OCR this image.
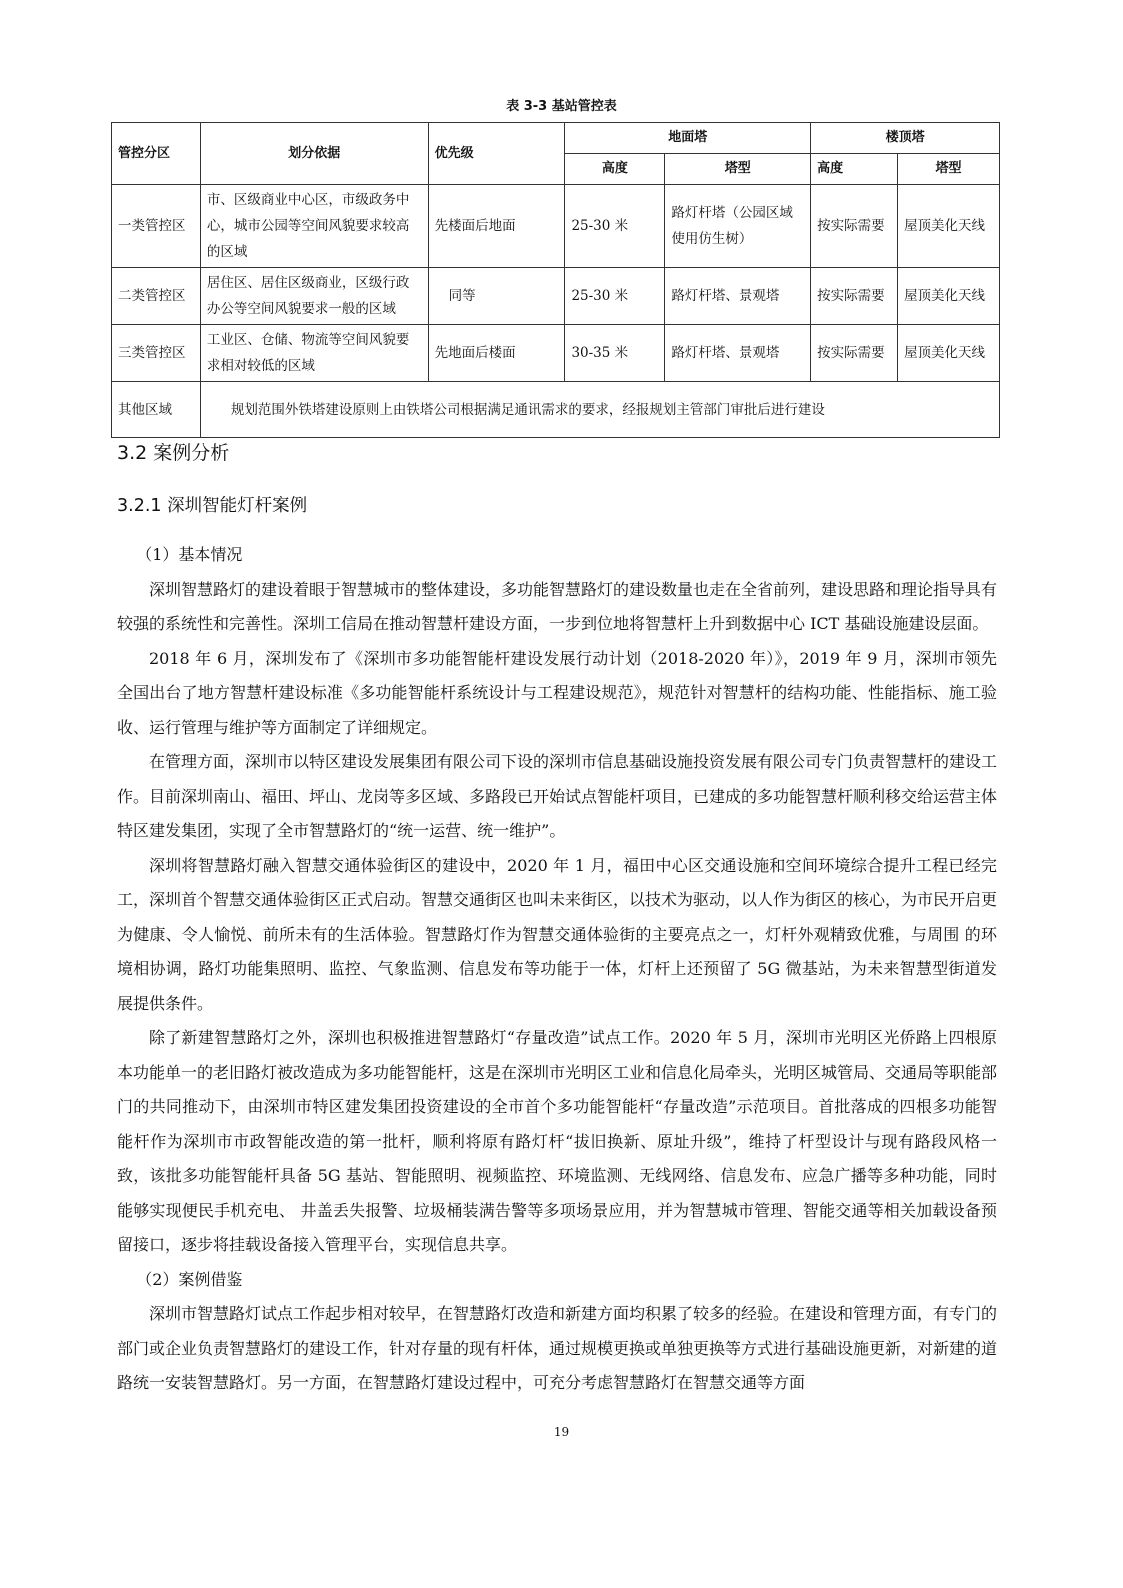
表 3-3 基站管控表
管控分区	划分依据	优先级	地面塔		楼顶塔	
			高度	塔型	高度	塔型
一类管控区	市、区级商业中心区，市级政务中心，城市公园等空间风貌要求较高的区域	先楼面后地面	25-30 米	路灯杆塔（公园区域使用仿生树）	按实际需要	屋顶美化天线
二类管控区	居住区、居住区级商业，区级行政办公等空间风貌要求一般的区域	同等	25-30 米	路灯杆塔、景观塔	按实际需要	屋顶美化天线
三类管控区	工业区、仓储、物流等空间风貌要求相对较低的区域	先地面后楼面	30-35 米	路灯杆塔、景观塔	按实际需要	屋顶美化天线
其他区域	规划范围外铁塔建设原则上由铁塔公司根据满足通讯需求的要求，经报规划主管部门审批后进行建设					
3.2 案例分析
3.2.1 深圳智能灯杆案例

（1）基本情况

深圳智慧路灯的建设着眼于智慧城市的整体建设，多功能智慧路灯的建设数量也走在全省前列，建设思路和理论指导具有较强的系统性和完善性。深圳工信局在推动智慧杆建设方面，一步到位地将智慧杆上升到数据中心 ICT 基础设施建设层面。

2018 年 6 月，深圳发布了《深圳市多功能智能杆建设发展行动计划（2018-2020 年）》，2019 年 9 月，深圳市领先全国出台了地方智慧杆建设标准《多功能智能杆系统设计与工程建设规范》，规范针对智慧杆的结构功能、性能指标、施工验收、运行管理与维护等方面制定了详细规定。

在管理方面，深圳市以特区建设发展集团有限公司下设的深圳市信息基础设施投资发展有限公司专门负责智慧杆的建设工作。目前深圳南山、福田、坪山、龙岗等多区域、多路段已开始试点智能杆项目，已建成的多功能智慧杆顺利移交给运营主体特区建发集团，实现了全市智慧路灯的“统一运营、统一维护”。

深圳将智慧路灯融入智慧交通体验街区的建设中，2020 年 1 月，福田中心区交通设施和空间环境综合提升工程已经完工，深圳首个智慧交通体验街区正式启动。智慧交通街区也叫未来街区，以技术为驱动，以人作为街区的核心，为市民开启更为健康、令人愉悦、前所未有的生活体验。智慧路灯作为智慧交通体验街的主要亮点之一，灯杆外观精致优雅，与周围 的环境相协调，路灯功能集照明、监控、气象监测、信息发布等功能于一体，灯杆上还预留了 5G 微基站，为未来智慧型街道发展提供条件。

除了新建智慧路灯之外，深圳也积极推进智慧路灯“存量改造”试点工作。2020 年 5 月，深圳市光明区光侨路上四根原本功能单一的老旧路灯被改造成为多功能智能杆，这是在深圳市光明区工业和信息化局牵头，光明区城管局、交通局等职能部门的共同推动下，由深圳市特区建发集团投资建设的全市首个多功能智能杆“存量改造”示范项目。首批落成的四根多功能智能杆作为深圳市市政智能改造的第一批杆，顺利将原有路灯杆“拔旧换新、原址升级”，维持了杆型设计与现有路段风格一致，该批多功能智能杆具备 5G 基站、智能照明、视频监控、环境监测、无线网络、信息发布、应急广播等多种功能，同时能够实现便民手机充电、 井盖丢失报警、垃圾桶装满告警等多项场景应用，并为智慧城市管理、智能交通等相关加载设备预留接口，逐步将挂载设备接入管理平台，实现信息共享。

（2）案例借鉴

深圳市智慧路灯试点工作起步相对较早，在智慧路灯改造和新建方面均积累了较多的经验。在建设和管理方面，有专门的部门或企业负责智慧路灯的建设工作，针对存量的现有杆体，通过规模更换或单独更换等方式进行基础设施更新，对新建的道路统一安装智慧路灯。另一方面，在智慧路灯建设过程中，可充分考虑智慧路灯在智慧交通等方面

19
